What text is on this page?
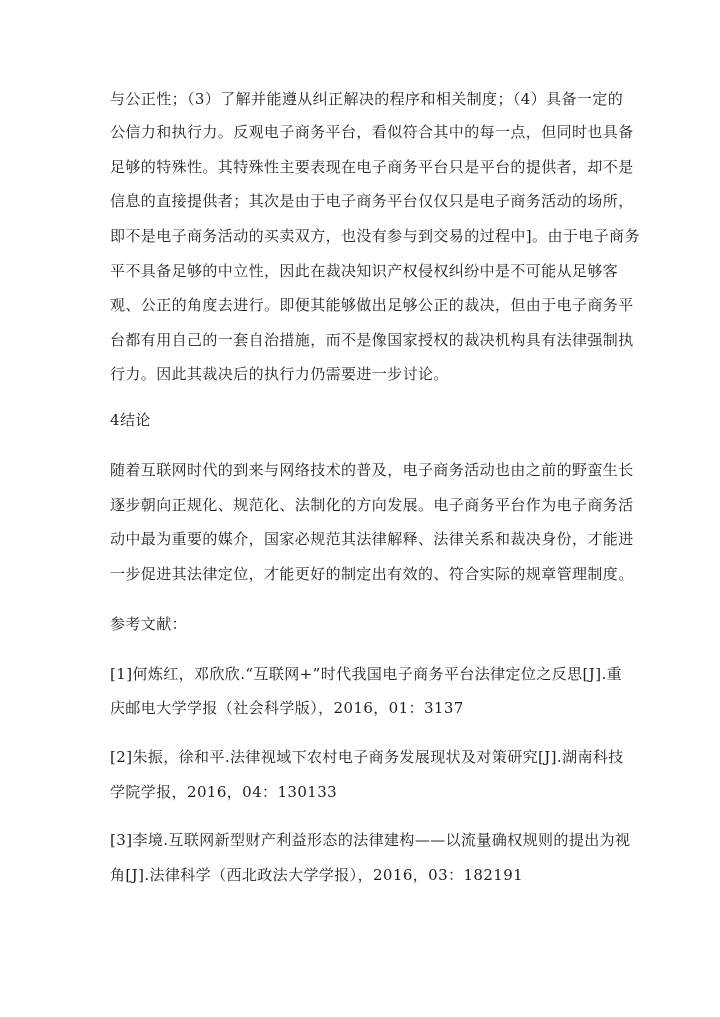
与公正性；（3）了解并能遵从纠正解决的程序和相关制度；（4）具备一定的
公信力和执行力。反观电子商务平台，看似符合其中的每一点，但同时也具备
足够的特殊性。其特殊性主要表现在电子商务平台只是平台的提供者，却不是
信息的直接提供者；其次是由于电子商务平台仅仅只是电子商务活动的场所，
即不是电子商务活动的买卖双方，也没有参与到交易的过程中]。由于电子商务
平不具备足够的中立性，因此在裁决知识产权侵权纠纷中是不可能从足够客
观、公正的角度去进行。即便其能够做出足够公正的裁决，但由于电子商务平
台都有用自己的一套自治措施，而不是像国家授权的裁决机构具有法律强制执
行力。因此其裁决后的执行力仍需要进一步讨论。
4结论
随着互联网时代的到来与网络技术的普及，电子商务活动也由之前的野蛮生长
逐步朝向正规化、规范化、法制化的方向发展。电子商务平台作为电子商务活
动中最为重要的媒介，国家必规范其法律解释、法律关系和裁决身份，才能进
一步促进其法律定位，才能更好的制定出有效的、符合实际的规章管理制度。
参考文献：
[1]何炼红，邓欣欣.“互联网+”时代我国电子商务平台法律定位之反思[J].重
庆邮电大学学报（社会科学版），2016，01：3137
[2]朱振，徐和平.法律视域下农村电子商务发展现状及对策研究[J].湖南科技
学院学报，2016，04：130133
[3]李境.互联网新型财产利益形态的法律建构——以流量确权规则的提出为视
角[J].法律科学（西北政法大学学报），2016，03：182191
